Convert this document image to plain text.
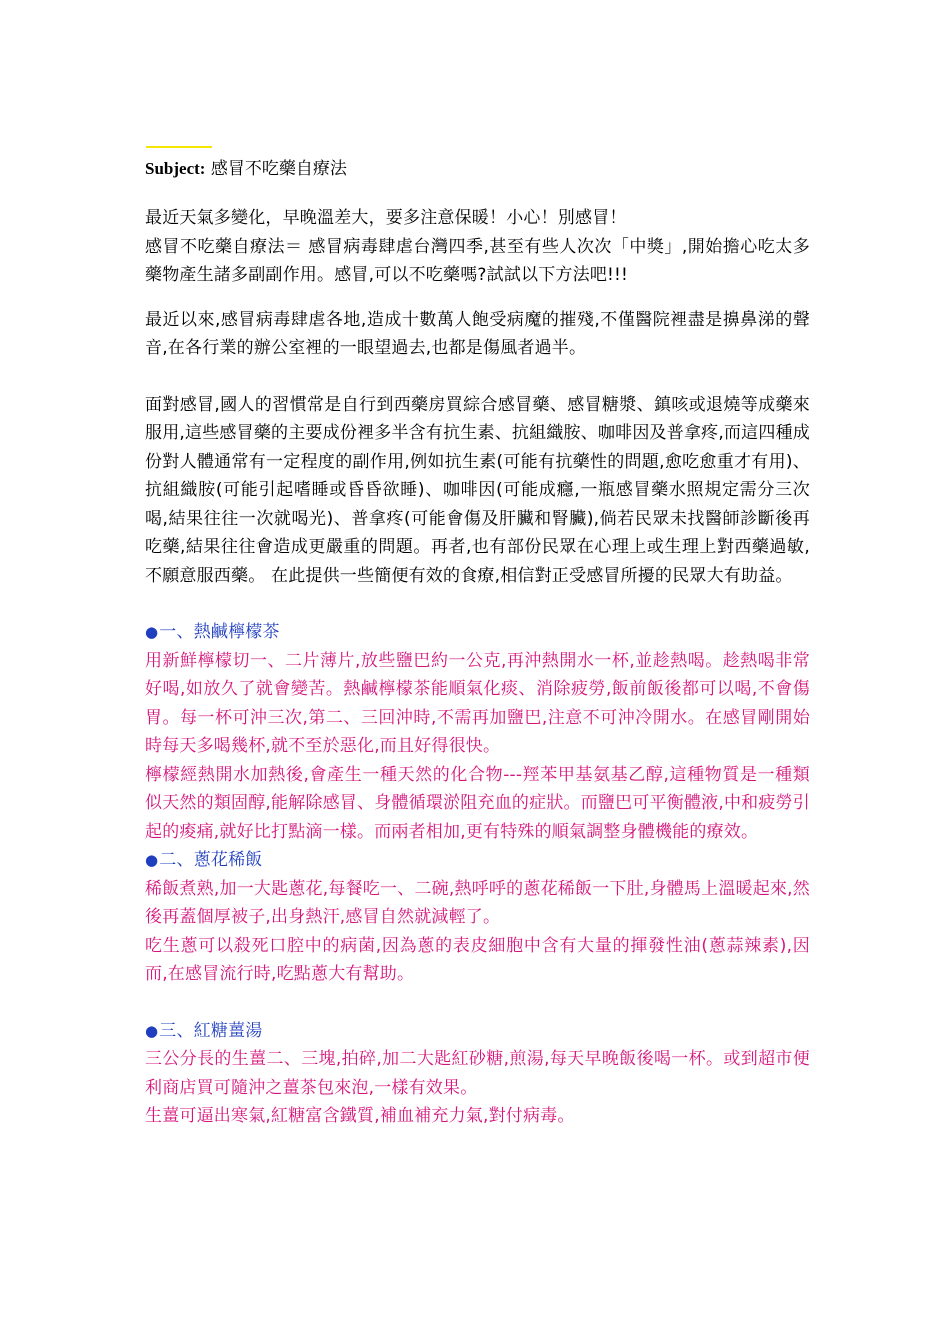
Subject: 感冒不吃藥自療法

最近天氣多變化，早晚溫差大，要多注意保暖！小心！別感冒！

感冒不吃藥自療法＝ 感冒病毒肆虐台灣四季,甚至有些人次次「中獎」,開始擔心吃太多藥物產生諸多副副作用。感冒,可以不吃藥嗎?試試以下方法吧!!!

最近以來,感冒病毒肆虐各地,造成十數萬人飽受病魔的摧殘,不僅醫院裡盡是擤鼻涕的聲音,在各行業的辦公室裡的一眼望過去,也都是傷風者過半。

面對感冒,國人的習慣常是自行到西藥房買綜合感冒藥、感冒糖漿、鎮咳或退燒等成藥來服用,這些感冒藥的主要成份裡多半含有抗生素、抗組織胺、咖啡因及普拿疼,而這四種成份對人體通常有一定程度的副作用,例如抗生素(可能有抗藥性的問題,愈吃愈重才有用)、抗組織胺(可能引起嗜睡或昏昏欲睡)、咖啡因(可能成癮,一瓶感冒藥水照規定需分三次喝,結果往往一次就喝光)、普拿疼(可能會傷及肝臟和腎臟),倘若民眾未找醫師診斷後再吃藥,結果往往會造成更嚴重的問題。再者,也有部份民眾在心理上或生理上對西藥過敏,不願意服西藥。 在此提供一些簡便有效的食療,相信對正受感冒所擾的民眾大有助益。

●一、熱鹹檸檬茶

用新鮮檸檬切一、二片薄片,放些鹽巴約一公克,再沖熱開水一杯,並趁熱喝。趁熱喝非常好喝,如放久了就會變苦。熱鹹檸檬茶能順氣化痰、消除疲勞,飯前飯後都可以喝,不會傷胃。每一杯可沖三次,第二、三回沖時,不需再加鹽巴,注意不可沖冷開水。在感冒剛開始時每天多喝幾杯,就不至於惡化,而且好得很快。

檸檬經熱開水加熱後,會產生一種天然的化合物---羥苯甲基氨基乙醇,這種物質是一種類似天然的類固醇,能解除感冒、身體循環淤阻充血的症狀。而鹽巴可平衡體液,中和疲勞引起的痠痛,就好比打點滴一樣。而兩者相加,更有特殊的順氣調整身體機能的療效。

●二、蔥花稀飯

稀飯煮熟,加一大匙蔥花,每餐吃一、二碗,熱呼呼的蔥花稀飯一下肚,身體馬上溫暖起來,然後再蓋個厚被子,出身熱汗,感冒自然就減輕了。

吃生蔥可以殺死口腔中的病菌,因為蔥的表皮細胞中含有大量的揮發性油(蔥蒜辣素),因而,在感冒流行時,吃點蔥大有幫助。

●三、紅糖薑湯

三公分長的生薑二、三塊,拍碎,加二大匙紅砂糖,煎湯,每天早晚飯後喝一杯。或到超市便利商店買可隨沖之薑茶包來泡,一樣有效果。

生薑可逼出寒氣,紅糖富含鐵質,補血補充力氣,對付病毒。
